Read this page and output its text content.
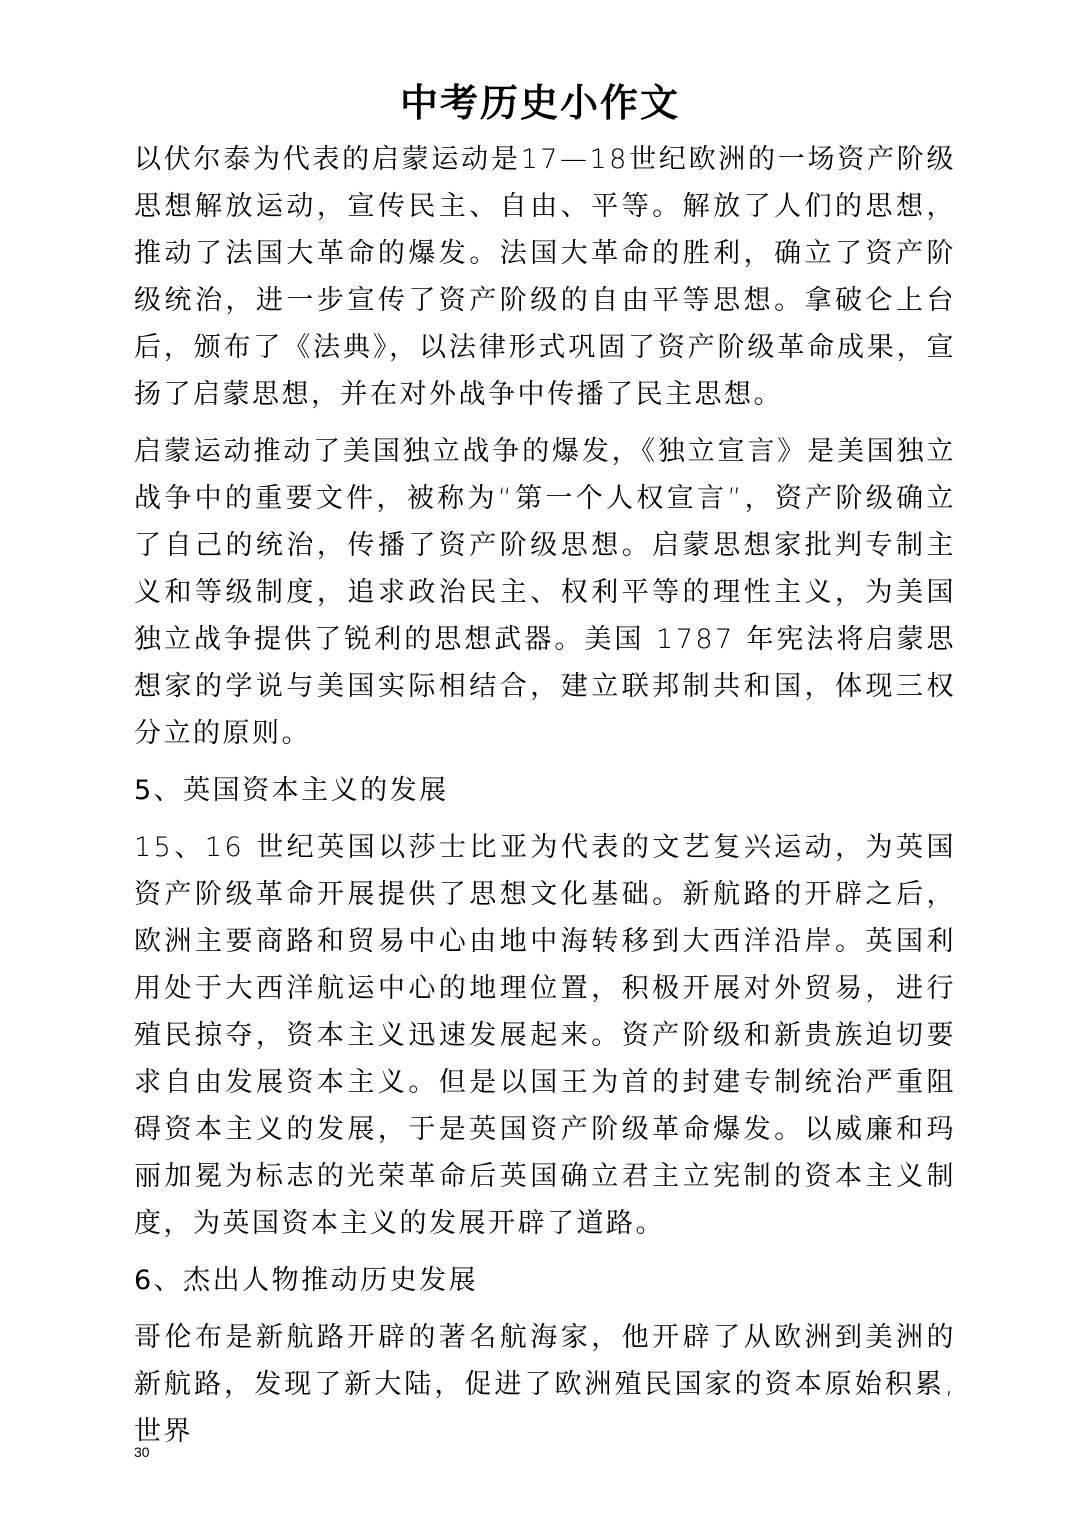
中考历史小作文

以伏尔泰为代表的启蒙运动是17—18世纪欧洲的一场资产阶级思想解放运动，宣传民主、自由、平等。解放了人们的思想，推动了法国大革命的爆发。法国大革命的胜利，确立了资产阶级统治，进一步宣传了资产阶级的自由平等思想。拿破仑上台后，颁布了《法典》，以法律形式巩固了资产阶级革命成果，宣扬了启蒙思想，并在对外战争中传播了民主思想。

启蒙运动推动了美国独立战争的爆发，《独立宣言》是美国独立战争中的重要文件，被称为“第一个人权宣言”，资产阶级确立了自己的统治，传播了资产阶级思想。启蒙思想家批判专制主义和等级制度，追求政治民主、权利平等的理性主义，为美国独立战争提供了锐利的思想武器。美国 1787 年宪法将启蒙思想家的学说与美国实际相结合，建立联邦制共和国，体现三权分立的原则。

5、英国资本主义的发展

15、16 世纪英国以莎士比亚为代表的文艺复兴运动，为英国资产阶级革命开展提供了思想文化基础。新航路的开辟之后，欧洲主要商路和贸易中心由地中海转移到大西洋沿岸。英国利用处于大西洋航运中心的地理位置，积极开展对外贸易，进行殖民掠夺，资本主义迅速发展起来。资产阶级和新贵族迫切要求自由发展资本主义。但是以国王为首的封建专制统治严重阻碍资本主义的发展，于是英国资产阶级革命爆发。以威廉和玛丽加冕为标志的光荣革命后英国确立君主立宪制的资本主义制度，为英国资本主义的发展开辟了道路。

6、杰出人物推动历史发展

哥伦布是新航路开辟的著名航海家，他开辟了从欧洲到美洲的新航路，发现了新大陆，促进了欧洲殖民国家的资本原始积累,世界

30
